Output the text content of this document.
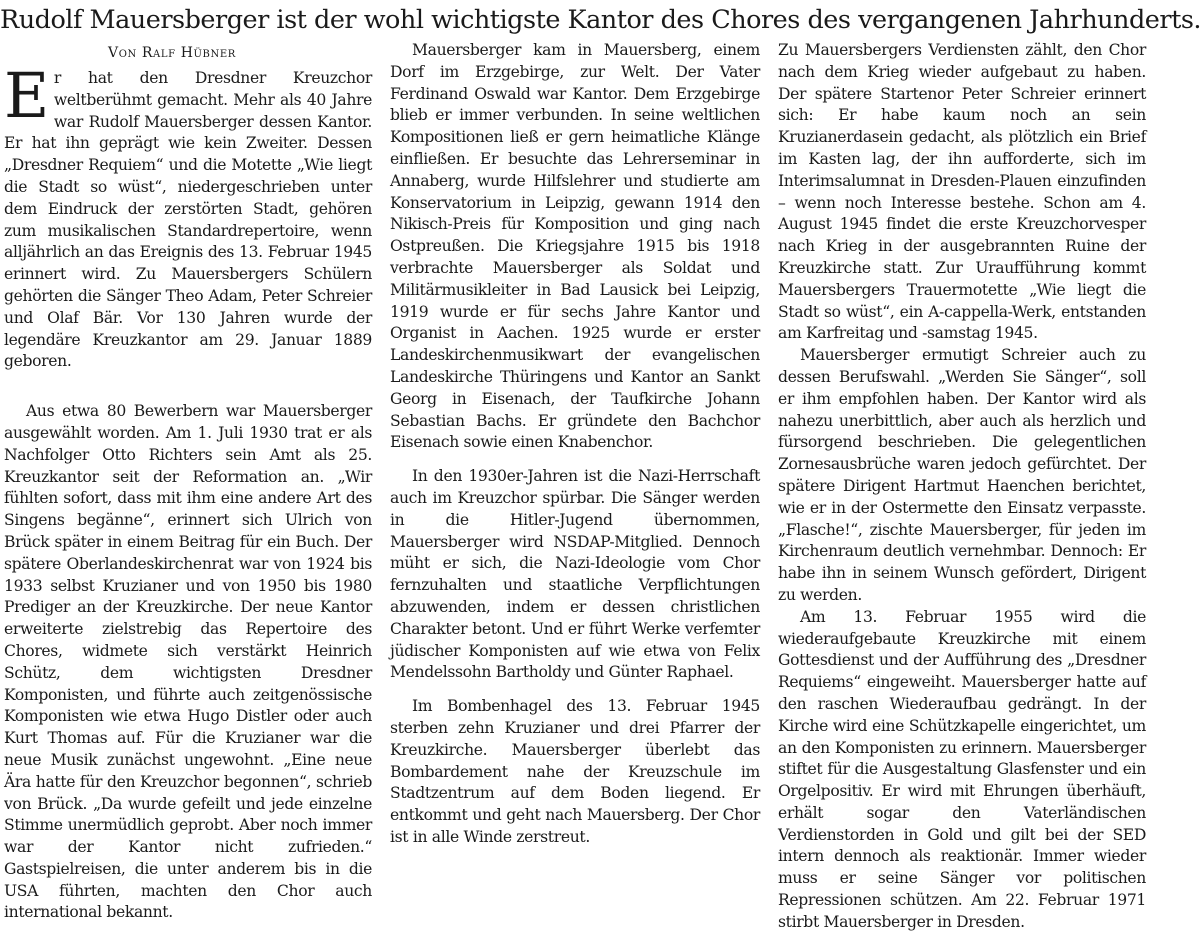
Rudolf Mauersberger ist der wohl wichtigste Kantor des Chores des vergangenen Jahrhunderts.
Von Ralf Hübner

Er hat den Dresdner Kreuzchor weltberühmt gemacht. Mehr als 40 Jahre war Rudolf Mauersberger dessen Kantor. Er hat ihn geprägt wie kein Zweiter. Dessen „Dresdner Requiem“ und die Motette „Wie liegt die Stadt so wüst“, niedergeschrieben unter dem Eindruck der zerstörten Stadt, gehören zum musikalischen Standardrepertoire, wenn alljährlich an das Ereignis des 13. Februar 1945 erinnert wird. Zu Mauersbergers Schülern gehörten die Sänger Theo Adam, Peter Schreier und Olaf Bär. Vor 130 Jahren wurde der legendäre Kreuzkantor am 29. Januar 1889 geboren.

Aus etwa 80 Bewerbern war Mauersberger ausgewählt worden. Am 1. Juli 1930 trat er als Nachfolger Otto Richters sein Amt als 25. Kreuzkantor seit der Reformation an. „Wir fühlten sofort, dass mit ihm eine andere Art des Singens begänne“, erinnert sich Ulrich von Brück später in einem Beitrag für ein Buch. Der spätere Oberlandeskirchenrat war von 1924 bis 1933 selbst Kruzianer und von 1950 bis 1980 Prediger an der Kreuzkirche. Der neue Kantor erweiterte zielstrebig das Repertoire des Chores, widmete sich verstärkt Heinrich Schütz, dem wichtigsten Dresdner Komponisten, und führte auch zeitgenössische Komponisten wie etwa Hugo Distler oder auch Kurt Thomas auf. Für die Kruzianer war die neue Musik zunächst ungewohnt. „Eine neue Ära hatte für den Kreuzchor begonnen“, schrieb von Brück. „Da wurde gefeilt und jede einzelne Stimme unermüdlich geprobt. Aber noch immer war der Kantor nicht zufrieden.“ Gastspielreisen, die unter anderem bis in die USA führten, machten den Chor auch international bekannt.

Mauersberger kam in Mauersberg, einem Dorf im Erzgebirge, zur Welt. Der Vater Ferdinand Oswald war Kantor. Dem Erzgebirge blieb er immer verbunden. In seine weltlichen Kompositionen ließ er gern heimatliche Klänge einfließen. Er besuchte das Lehrerseminar in Annaberg, wurde Hilfslehrer und studierte am Konservatorium in Leipzig, gewann 1914 den Nikisch-Preis für Komposition und ging nach Ostpreußen. Die Kriegsjahre 1915 bis 1918 verbrachte Mauersberger als Soldat und Militärmusikleiter in Bad Lausick bei Leipzig, 1919 wurde er für sechs Jahre Kantor und Organist in Aachen. 1925 wurde er erster Landeskirchenmusikwart der evangelischen Landeskirche Thüringens und Kantor an Sankt Georg in Eisenach, der Taufkirche Johann Sebastian Bachs. Er gründete den Bachchor Eisenach sowie einen Knabenchor.

In den 1930er-Jahren ist die Nazi-Herrschaft auch im Kreuzchor spürbar. Die Sänger werden in die Hitler-Jugend übernommen, Mauersberger wird NSDAP-Mitglied. Dennoch müht er sich, die Nazi-Ideologie vom Chor fernzuhalten und staatliche Verpflichtungen abzuwenden, indem er dessen christlichen Charakter betont. Und er führt Werke verfemter jüdischer Komponisten auf wie etwa von Felix Mendelssohn Bartholdy und Günter Raphael.

Im Bombenhagel des 13. Februar 1945 sterben zehn Kruzianer und drei Pfarrer der Kreuzkirche. Mauersberger überlebt das Bombardement nahe der Kreuzschule im Stadtzentrum auf dem Boden liegend. Er entkommt und geht nach Mauersberg. Der Chor ist in alle Winde zerstreut.

Zu Mauersbergers Verdiensten zählt, den Chor nach dem Krieg wieder aufgebaut zu haben. Der spätere Startenor Peter Schreier erinnert sich: Er habe kaum noch an sein Kruzianerdasein gedacht, als plötzlich ein Brief im Kasten lag, der ihn aufforderte, sich im Interimsalumnat in Dresden-Plauen einzufinden – wenn noch Interesse bestehe. Schon am 4. August 1945 findet die erste Kreuzchorvesper nach Krieg in der ausgebrannten Ruine der Kreuzkirche statt. Zur Uraufführung kommt Mauersbergers Trauermotette „Wie liegt die Stadt so wüst“, ein A-cappella-Werk, entstanden am Karfreitag und -samstag 1945.

Mauersberger ermutigt Schreier auch zu dessen Berufswahl. „Werden Sie Sänger“, soll er ihm empfohlen haben. Der Kantor wird als nahezu unerbittlich, aber auch als herzlich und fürsorgend beschrieben. Die gelegentlichen Zornesausbrüche waren jedoch gefürchtet. Der spätere Dirigent Hartmut Haenchen berichtet, wie er in der Ostermette den Einsatz verpasste. „Flasche!“, zischte Mauersberger, für jeden im Kirchenraum deutlich vernehmbar. Dennoch: Er habe ihn in seinem Wunsch gefördert, Dirigent zu werden.

Am 13. Februar 1955 wird die wiederaufgebaute Kreuzkirche mit einem Gottesdienst und der Aufführung des „Dresdner Requiems“ eingeweiht. Mauersberger hatte auf den raschen Wiederaufbau gedrängt. In der Kirche wird eine Schützkapelle eingerichtet, um an den Komponisten zu erinnern. Mauersberger stiftet für die Ausgestaltung Glasfenster und ein Orgelpositiv. Er wird mit Ehrungen überhäuft, erhält sogar den Vaterländischen Verdienstorden in Gold und gilt bei der SED intern dennoch als reaktionär. Immer wieder muss er seine Sänger vor politischen Repressionen schützen. Am 22. Februar 1971 stirbt Mauersberger in Dresden.
